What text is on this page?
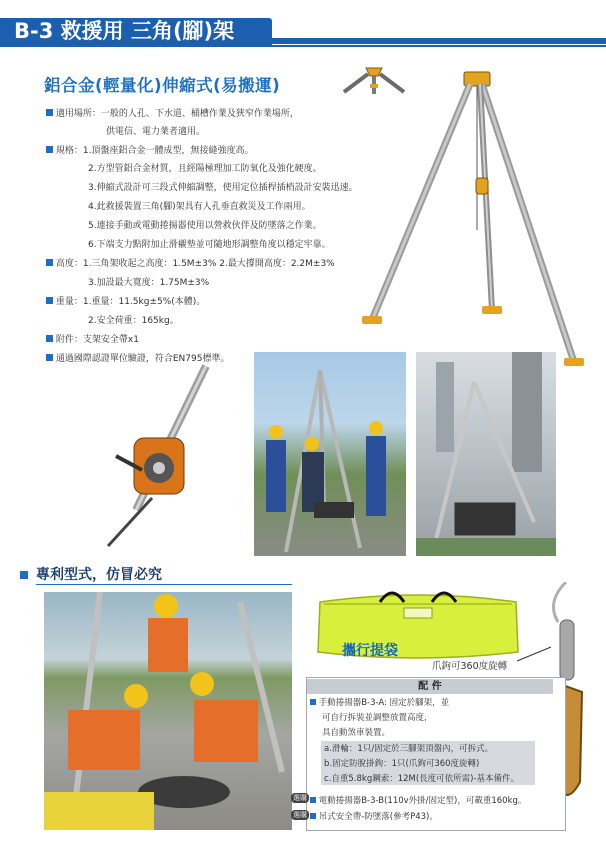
B-3 救援用 三角(腳)架
鋁合金(輕量化)伸縮式(易搬運)
適用場所：一般的人孔、下水道、桶槽作業及狹窄作業場所，
供電信、電力業者適用。
規格：1.頂盤座鋁合金一體成型，無接縫強度高。
2.方型管鋁合金材質，且經陽極理加工防氧化及強化硬度。
3.伸縮式設計可三段式伸縮調整，使用定位插桿插梢設計安裝迅速。
4.此救援裝置三角(腳)架具有人孔垂直救災及工作兩用。
5.連接手動或電動捲揚器使用以營救伙伴及防墜落之作業。
6.下端支力點附加止滑襯墊並可隨地形調整角度以穩定牢靠。
高度：1.三角架收起之高度：1.5M±3% 2.最大撐開高度：2.2M±3%
3.加設最大寬度：1.75M±3%
重量：1.重量：11.5kg±5%(本體)。
2.安全荷重：165kg。
附件：支架安全帶x1
通過國際認證單位驗證，符合EN795標準。
專利型式，仿冒必究
攜行提袋
爪鉤可360度旋轉
配 件
手動捲揚器B-3-A: 固定於腳架，並
可自行拆裝並調整放置高度，
具自動煞車裝置。
a.滑輪：1只/固定於三腳架頂盤內，可拆式。
b.固定防脫掛鉤：1只(爪鉤可360度旋轉)
c.自重5.8kg鋼索：12M(長度可依所需)-基本備件。
選購	電動捲揚器B-3-B(110v外掛/固定型)，可載重160kg。
選購	吊式安全帶-防墜落(參考P43)。
